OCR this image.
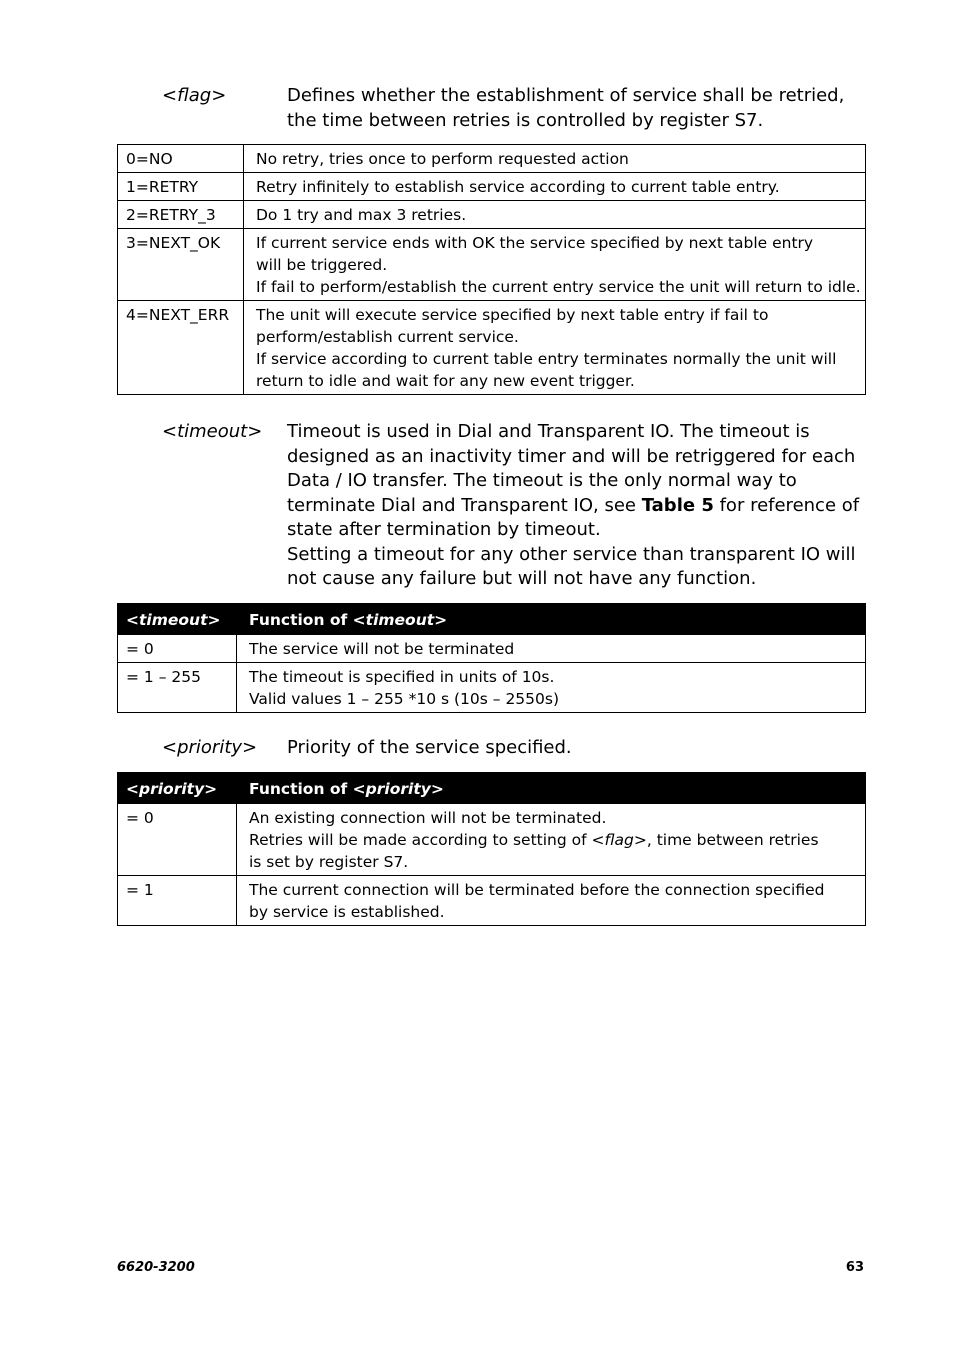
<flag>	Defines whether the establishment of service shall be retried, the time between retries is controlled by register S7.

0=NO	No retry, tries once to perform requested action

1=RETRY	Retry infinitely to establish service according to current table entry.

2=RETRY_3	Do 1 try and max 3 retries.

3=NEXT_OK	If current service ends with OK the service specified by next table entry
will be triggered.
If fail to perform/establish the current entry service the unit will return to idle.

4=NEXT_ERR	The unit will execute service specified by next table entry if fail to
perform/establish current service.
If service according to current table entry terminates normally the unit will
return to idle and wait for any new event trigger.
<timeout> Timeout is used in Dial and Transparent IO. The timeout is designed as an inactivity timer and will be retriggered for each Data / IO transfer. The timeout is the only normal way to terminate Dial and Transparent IO, see Table 5 for reference of state after termination by timeout.

Setting a timeout for any other service than transparent IO will not cause any failure but will not have any function.

<timeout>	Function of <timeout>
= 0	The service will not be terminated

= 1 – 255	The timeout is specified in units of 10s.
Valid values 1 – 255 *10 s (10s – 2550s)
<priority> Priority of the service specified.

<priority>	Function of <priority>
= 0	An existing connection will not be terminated.
Retries will be made according to setting of <flag>, time between retries
is set by register S7.

= 1	The current connection will be terminated before the connection specified
by service is established.
6620-3200	63
